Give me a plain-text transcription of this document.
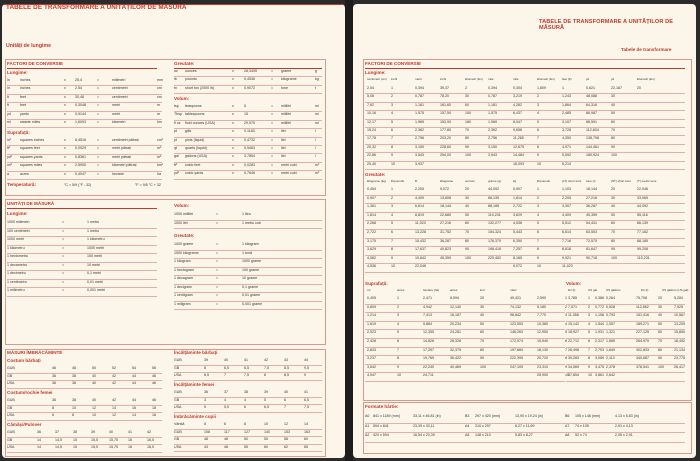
TABELE DE TRANSFORMARE A UNITĂȚILOR DE MĂSURĂ
Unități de lungime
FACTORI DE CONVERSIE
Lungime:
în	inches	x	25,4	=	milimetri	mm
în	inches	x	2,54	=	centimetri	cm
ft	feet	x	30,48	=	centimetri	cm
ft	feet	x	0,3048	=	metri	m
yd	yards	x	0,9144	=	metri	m
mi	statute miles	x	1,6093	=	kilometri	km
Suprafață:
in²	squares inches	x	6,4516	=	centimetri pătrați	cm²
ft²	squares feet	x	0,0929	=	metri pătrați	m²
yd² squares yards	x	0,8361	=	metri pătrați	m²
mi² squares miles	x	2,5900	=	kilometri pătrați	km²
a	acres	x	0,4047	=	hectare	ha
Temperatură:	°C = 5/9 (°F - 32)	°F = 9/5 °C + 32
Greutate:
oz ounces	x	28,3495	= grame	g
lb pounds	x	0,4536	= kilograme	kg
tn short ton (2000 lb)	x	0,9072	= tone	t
Volum:
tsp teaspoons	x	5	= mililitri	ml
Tbsp tablespoons	x	15	= mililitri	ml
fl oz fluid ounces (USA)	x	29,575	= mililitri	ml
pt gills	x	0,1183	= litri	l
pt pints (liquid)	x	0,4732	= litri	l
qt quarts (liquid)	x	0,9463	= litri	l
gal gallons (USA)	x	3,7854	= litri	l
ft³ cubic feet	x	0,0283	= metri cubi	m³
yd³ cubic yards	x	0,7646	= metri cubi	m³
UNITĂȚI DE MĂSURĂ
Lungime:
1000 milimetri	=	1 metru
100 centimetri	=	1 metru
1000 metri	=	1 kilometru
1 kilometru	=	1000 metri
1 hectometru	=	100 metri
1 decametru	=	10 metri
1 decimetru	=	0,1 metri
1 centimetru	=	0,01 metri
1 milimetru	=	0,001 metri
Volum:
1000 mililitri	=	1 litru
1000 litri	=	1 metru cub
Greutate:
1000 grame	=	1 kilogram
1000 kilograme	=	1 tonă
1 kilogram	=	1000 grame
1 hectogram	=	100 grame
1 decagram	=	10 grame
1 decigram	=	0,1 grame
1 centigram	=	0,01 grame
1 miligram	=	0,001 grame
MĂSURI ÎMBRĂCĂMINTE
Costum bărbați
GUB	46	48	50	52	54	56
GB	36	38	40	42	44	46
USA	36	38	40	42	44	46
Costum/rochie femei
GUB	36	38	40	42	44	46
GB	8	10	12	14	16	18
USA	6	8	10	12	14	16
Cămăși/Pulover
GUB	36	37	38	39	40	41	42
GB	14	14,5	15	15,5	15,75	16	16,5
USA	14	14,5	15	15,5	15,75	16	16,5
Încălțăminte bărbați
GUB	39	40	41	42	43	44
GB	6	6,5	6,5	7,5	8,5	9,5
USA	6,5	7	7,5	8	8,5	9
Încălțăminte femei
GUB	36	37	38	39	40	41
GB	3	4	4	5	6	6,5
USA	5	5,5	6	6,5	7	7,5
Îmbrăcăminte copii
Vârstă	5	6	8	10	12	14
GUB	108	117	127	140	153	163
GB	48	48	50	55	58	60
USA	43	48	55	60	62	65
TABELE DE TRANSFORMARE A UNITĂȚILOR DE MĂSURĂ
Tabele de transformare
FACTORI DE CONVERSIE
Lungime:
centimetri (cm) inchi	metri	inchi	kilometri (km) mile	mile	kilometri (km) feet (ft)	yd	yd	kilometri (km)
2,54	1	0,394	39,37	2	0,394	0,304	1,609	1	0,621	22,187	20
5,08	2	0,787	78,20	30	0,787	3,219	2	1,243	48,088	30
7,62	3	1,181	181,60	60	1,181	4,282	3	1,864	64,316	40
10,16	4	1,575	157,50	100	1,575	6,437	4	2,485	86,987	50
12,17	5	1,969	153,90	180	1,969	8,047	5	3,107	86,591	60
15,24	6	2,362	177,80	70	2,362	9,656	6	3,728	112,834	70
17,78	7	2,756	203,20	80	2,756	11,265	7	4,350	138,798	80
20,32	8	3,150	228,60	90	3,150	12,875	8	4,971	144,461	90
22,86	9	3,543	254,00	100	3,543	14,484	9	5,592	180,924	100
25,40	10	3,937	16,093	10	6,214
Greutate:
kilograme (kg) lb/pounds	lb	kilograme	ounces	grame (g)	kg	lb/pounds	(LT) short tons tone (t)	(ST) short tons (T) metric tons
0,454	1	2,205	9,072	20	44,092	0,907	1	1,103	18,144	20	22,046
0,907	2	4,409	13,608	30	66,139	1,814	2	2,205	27,216	30	33,069
1,361	3	6,614	18,144	40	88,185	2,722	3	3,307	36,287	40	44,092
1,814	4	8,819	22,680	50	110,231	3,629	4	4,409	45,359	50	55,116
2,268	5	11,023	27,216	60	132,277	4,536	5	5,512	54,431	60	66,139
2,722	6	13,228	31,752	70	154,324	5,443	6	6,614	63,503	70	77,162
3,175	7	15,432	36,287	80	176,370	6,350	7	7,716	72,575	80	88,185
3,629	8	17,637	40,823	90	198,416	7,257	8	8,818	81,647	90	99,208
4,082	9	19,842	45,359	100	220,462	8,165	9	9,921	90,718	100	110,231
4,536	10	22,046	9,072	10	11,023
Suprafață:
m²	acres	hectare (ha)	acres	km²	mile²
0,405	1	2,471	8,094	20	49,421	2,590	1	0,386
0,809	2	4,942	12,140	30	74,132	5,180	2	0,772
1,214	3	7,413	16,187	40	98,842	7,770	3	1,158
1,619	4	9,884	20,234	50	123,553	10,360	4	1,544
2,023	5	12,355	24,281	60	148,263	12,950	5	1,931
2,428	6	14,826	28,328	70	172,974	15,540	6	2,317
2,833	7	17,297	32,375	80	197,684	18,130	7	2,703
3,237	8	19,769	36,422	90	222,395	20,720	8	3,089
3,642	9	22,240	40,469	100	247,105	23,310	9	3,475
4,047	10	24,711	25,900	10	3,861
Volum:
litri (l)	US gal	US gallons	litri (l)	US gallons (US gal)
3,785	1	0,264	75,708	20	5,284
7,571	2	0,528	113,562	30	7,925
11,356	3	0,793	151,416	40	10,567
15,142	4	1,057	189,271	50	13,209
18,927	5	1,321	227,125	60	15,850
22,712	6	1,585	264,979	70	18,492
26,498	7	1,849	302,833	80	21,134
30,283	8	2,113	340,687	90	23,775
34,069	9	2,378	378,541	100	26,417
37,854	10	2,642
Formate hârtie:
A0 841 x 1189 (mm)	33,11 x 46,81 (in)	B3 297 x 420 (mm)	13,90 x 19,24 (in)	B6 105 x 148 (mm)	4,13 x 5,83 (in)
A1 594 x 841	23,39 x 33,11	A4 210 x 297	8,27 x 11,69	A7 74 x 105	2,91 x 4,13
A2 420 x 594	16,54 x 23,39	A5 148 x 210	5,83 x 8,27	A8 52 x 74	2,05 x 2,91
